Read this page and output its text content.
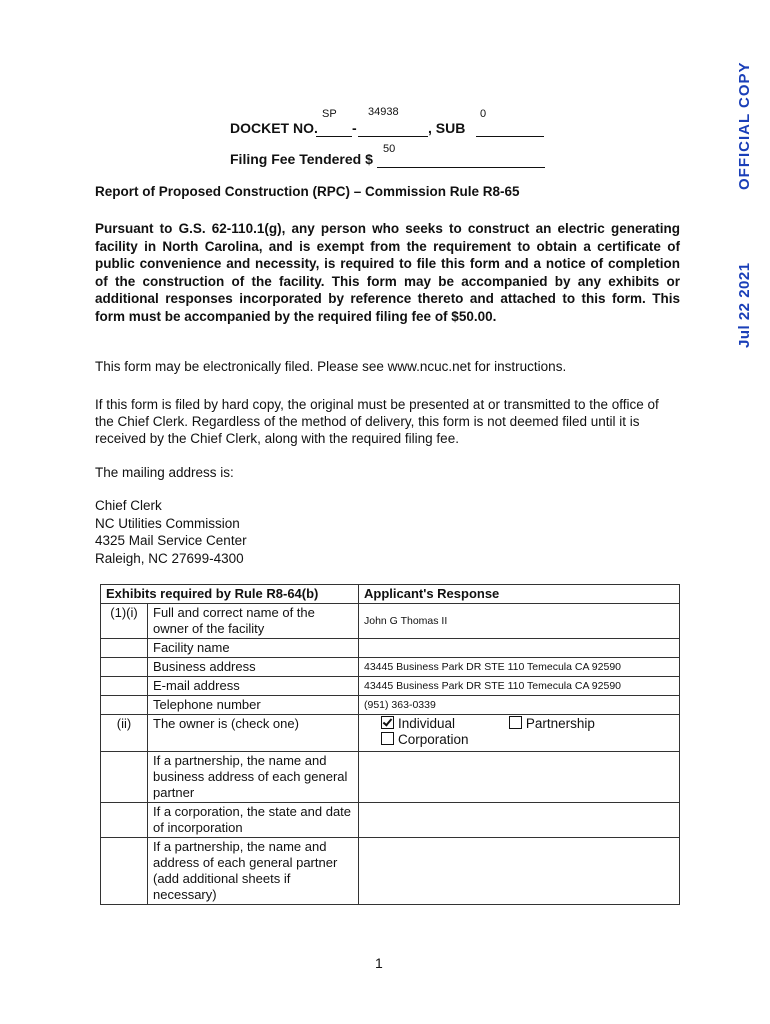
OFFICIAL COPY
Jul 22 2021
DOCKET NO.
SP
-
34938
, SUB
0
Filing Fee Tendered $
50
Report of Proposed Construction (RPC) – Commission Rule R8-65
Pursuant to G.S. 62-110.1(g), any person who seeks to construct an electric generating facility in North Carolina, and is exempt from the requirement to obtain a certificate of public convenience and necessity, is required to file this form and a notice of completion of the construction of the facility. This form may be accompanied by any exhibits or additional responses incorporated by reference thereto and attached to this form. This form must be accompanied by the required filing fee of $50.00.
This form may be electronically filed. Please see www.ncuc.net for instructions.
If this form is filed by hard copy, the original must be presented at or transmitted to the office of the Chief Clerk. Regardless of the method of delivery, this form is not deemed filed until it is received by the Chief Clerk, along with the required filing fee.
The mailing address is:
Chief Clerk
NC Utilities Commission
4325 Mail Service Center
Raleigh, NC 27699-4300
Exhibits required by Rule R8-64(b)		Applicant's Response
(1)(i)	Full and correct name of the owner of the facility	John G Thomas II
	Facility name	
	Business address	43445 Business Park DR STE 110 Temecula CA 92590
	E-mail address	43445 Business Park DR STE 110 Temecula CA 92590
	Telephone number	(951) 363-0339
(ii)	The owner is (check one)	Individual Partnership
Corporation

	If a partnership, the name and business address of each general partner	
	If a corporation, the state and date of incorporation	
	If a partnership, the name and address of each general partner (add additional sheets if necessary)	
1
